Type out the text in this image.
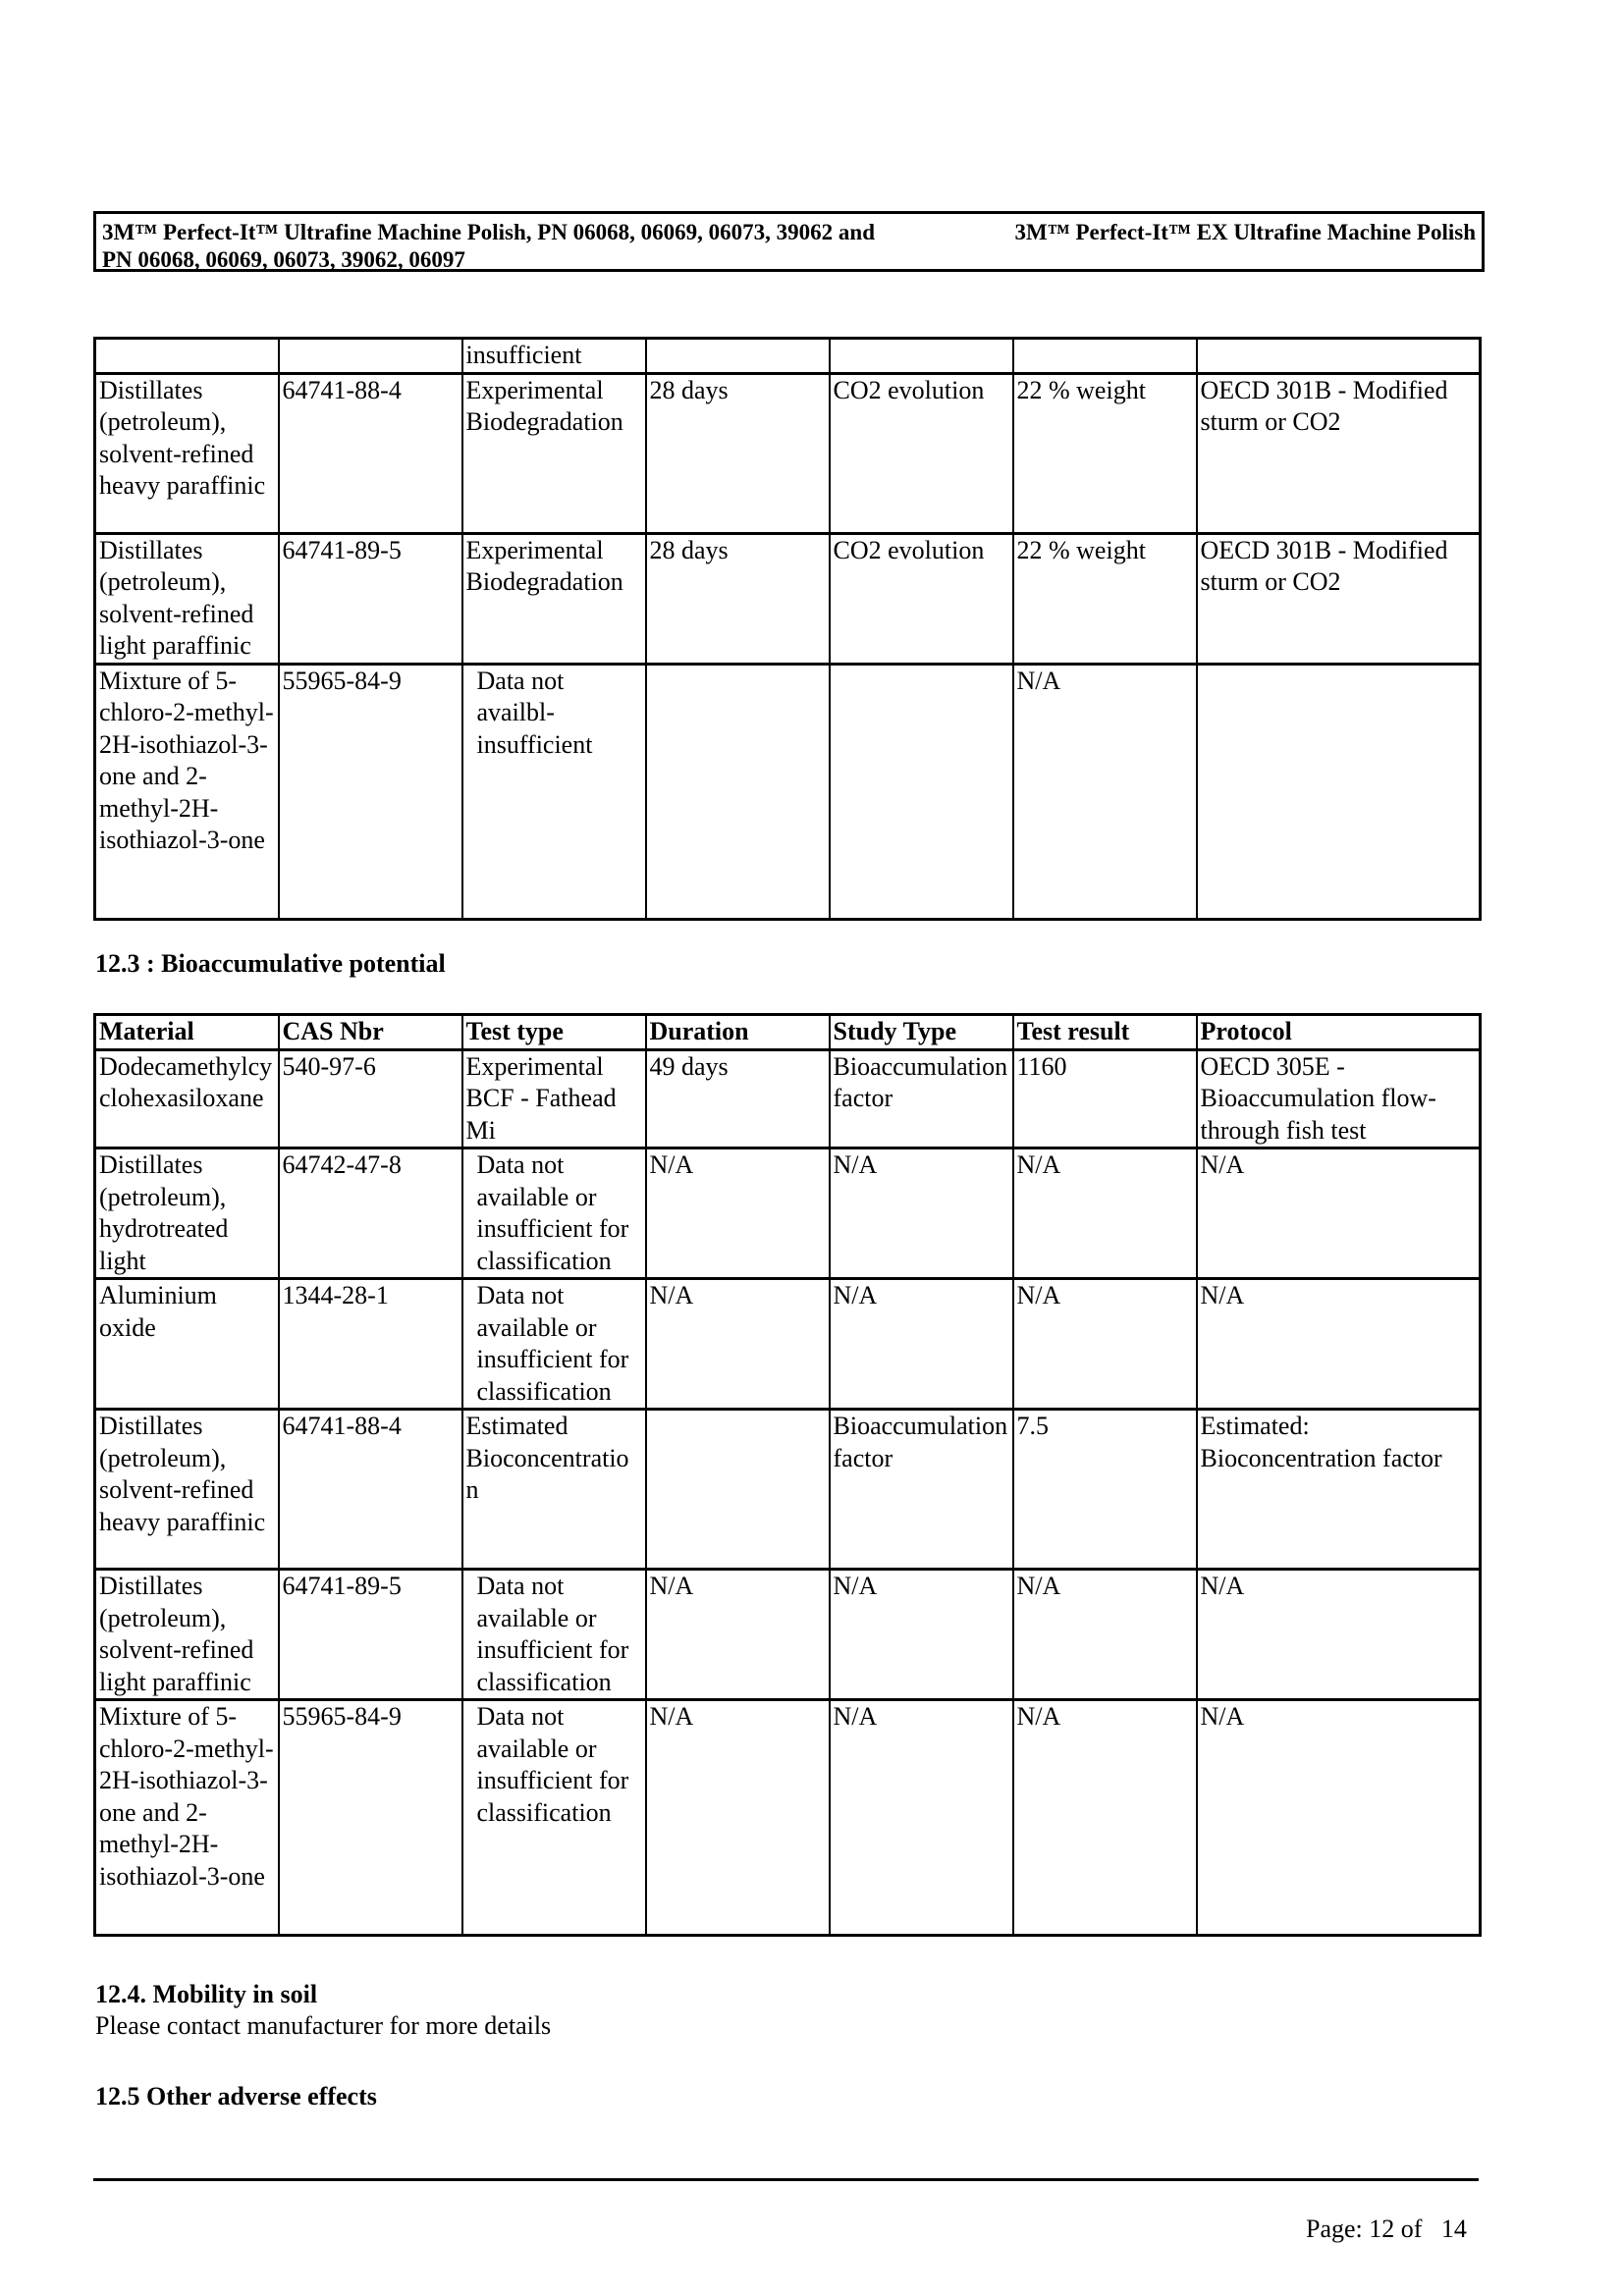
3M™ Perfect-It™ Ultrafine Machine Polish, PN 06068, 06069, 06073, 39062 and	3M™ Perfect-It™ EX Ultrafine Machine Polish
PN 06068, 06069, 06073, 39062, 06097
		insufficient				
Distillates (petroleum), solvent-refined heavy paraffinic	64741-88-4	Experimental Biodegradation	28 days	CO2 evolution	22 % weight	OECD 301B - Modified sturm or CO2
Distillates (petroleum), solvent-refined light paraffinic	64741-89-5	Experimental Biodegradation	28 days	CO2 evolution	22 % weight	OECD 301B - Modified sturm or CO2
Mixture of 5-chloro-2-methyl-2H-isothiazol-3-one and 2-methyl-2H-isothiazol-3-one	55965-84-9	Data not availbl-insufficient			N/A	
12.3 : Bioaccumulative potential
Material	CAS Nbr	Test type	Duration	Study Type	Test result	Protocol
Dodecamethylcyclohexasiloxane	540-97-6	Experimental BCF - Fathead Mi	49 days	Bioaccumulation factor	1160	OECD 305E - Bioaccumulation flow-through fish test
Distillates (petroleum), hydrotreated light	64742-47-8	Data not available or insufficient for classification	N/A	N/A	N/A	N/A
Aluminium oxide	1344-28-1	Data not available or insufficient for classification	N/A	N/A	N/A	N/A
Distillates (petroleum), solvent-refined heavy paraffinic	64741-88-4	Estimated Bioconcentration		Bioaccumulation factor	7.5	Estimated: Bioconcentration factor
Distillates (petroleum), solvent-refined light paraffinic	64741-89-5	Data not available or insufficient for classification	N/A	N/A	N/A	N/A
Mixture of 5-chloro-2-methyl-2H-isothiazol-3-one and 2-methyl-2H-isothiazol-3-one	55965-84-9	Data not available or insufficient for classification	N/A	N/A	N/A	N/A
12.4. Mobility in soil
Please contact manufacturer for more details
12.5 Other adverse effects
Page: 12 of 14
